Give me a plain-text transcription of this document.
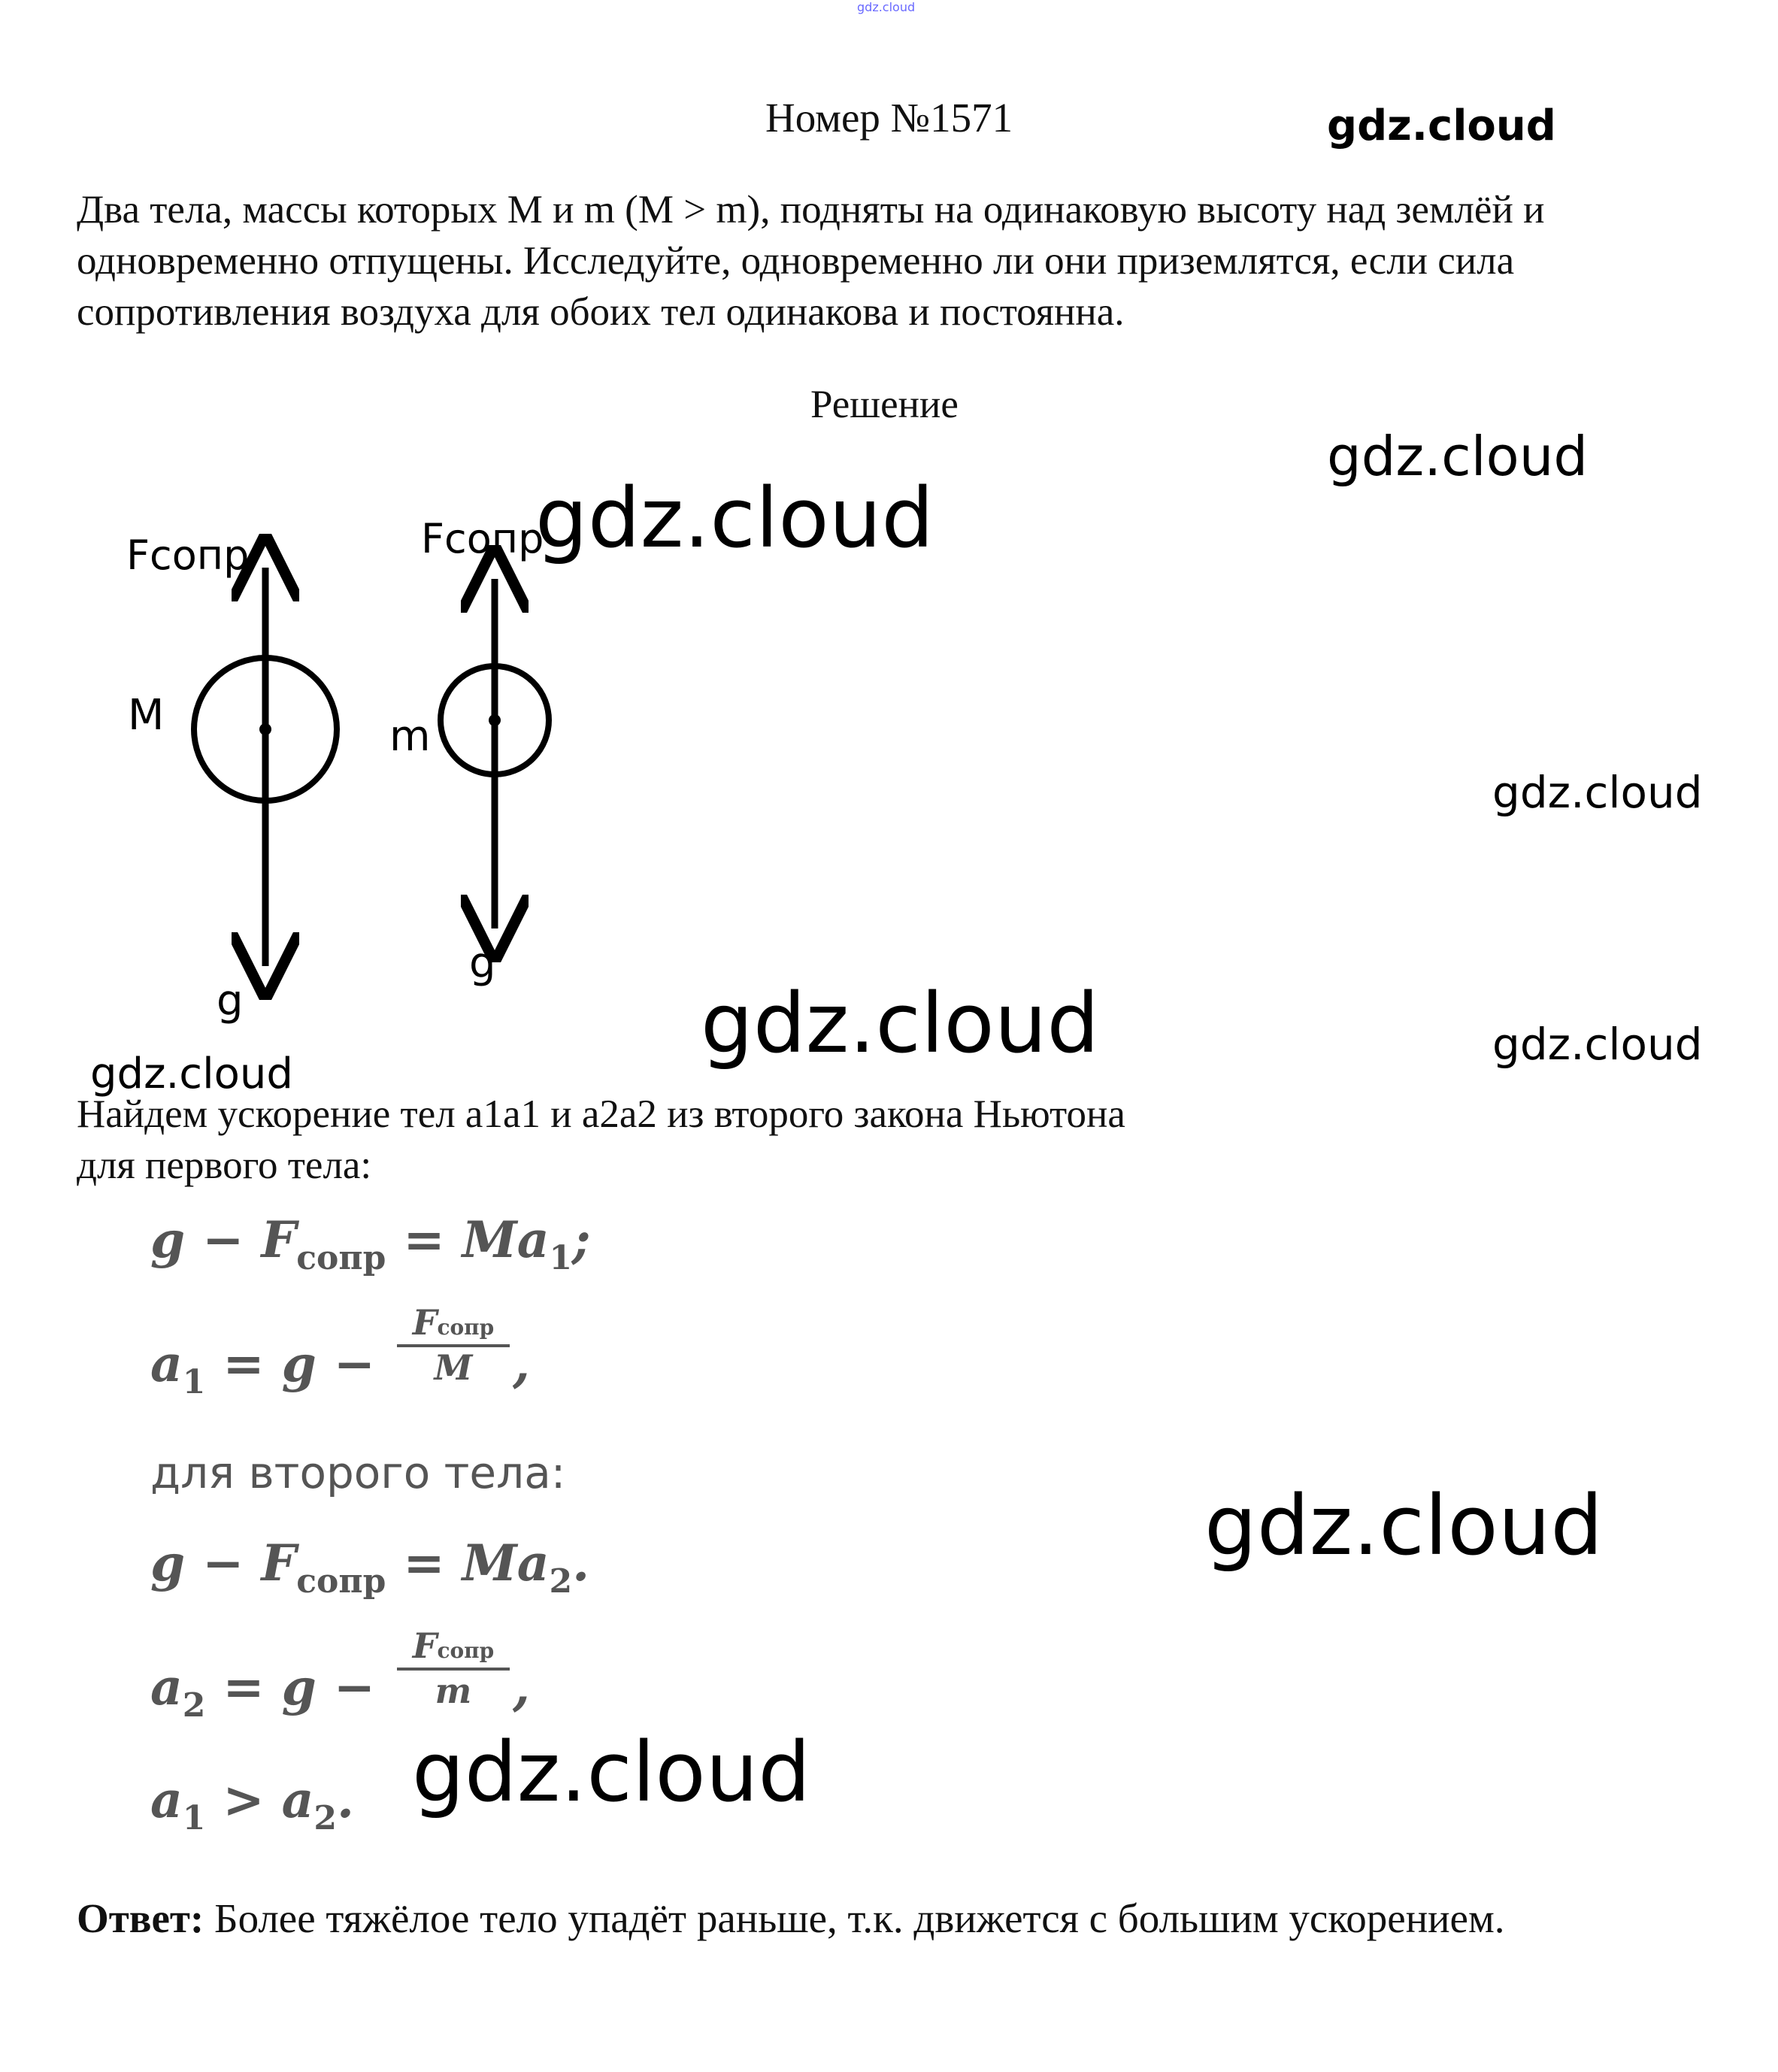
gdz.cloud
Номер №1571
Два тела, массы которых M и m (M > m), подняты на одинаковую высоту над землёй и одновременно отпущены. Исследуйте, одновременно ли они приземлятся, если сила сопротивления воздуха для обоих тел одинакова и постоянна.
Решение
Fсопр
M
g
Fсопр
m
g
Найдем ускорение тел a1a1 и a2a2 из второго закона Ньютона
для первого тела:
$g - F_{сопр} = Ma_1$;
$a_1 = g$ −
Fсопр
M ,
для второго тела:
$g - F_{сопр} = Ma_2$.
$a_2 = g$ −
Fсопр
m ,
$a_1 > a_2$.
Ответ: Более тяжёлое тело упадёт раньше, т.к. движется с большим ускорением.
gdz.cloud
gdz.cloud
gdz.cloud
gdz.cloud
gdz.cloud	gdz.cloud
gdz.cloud
gdz.cloud
gdz.cloud
